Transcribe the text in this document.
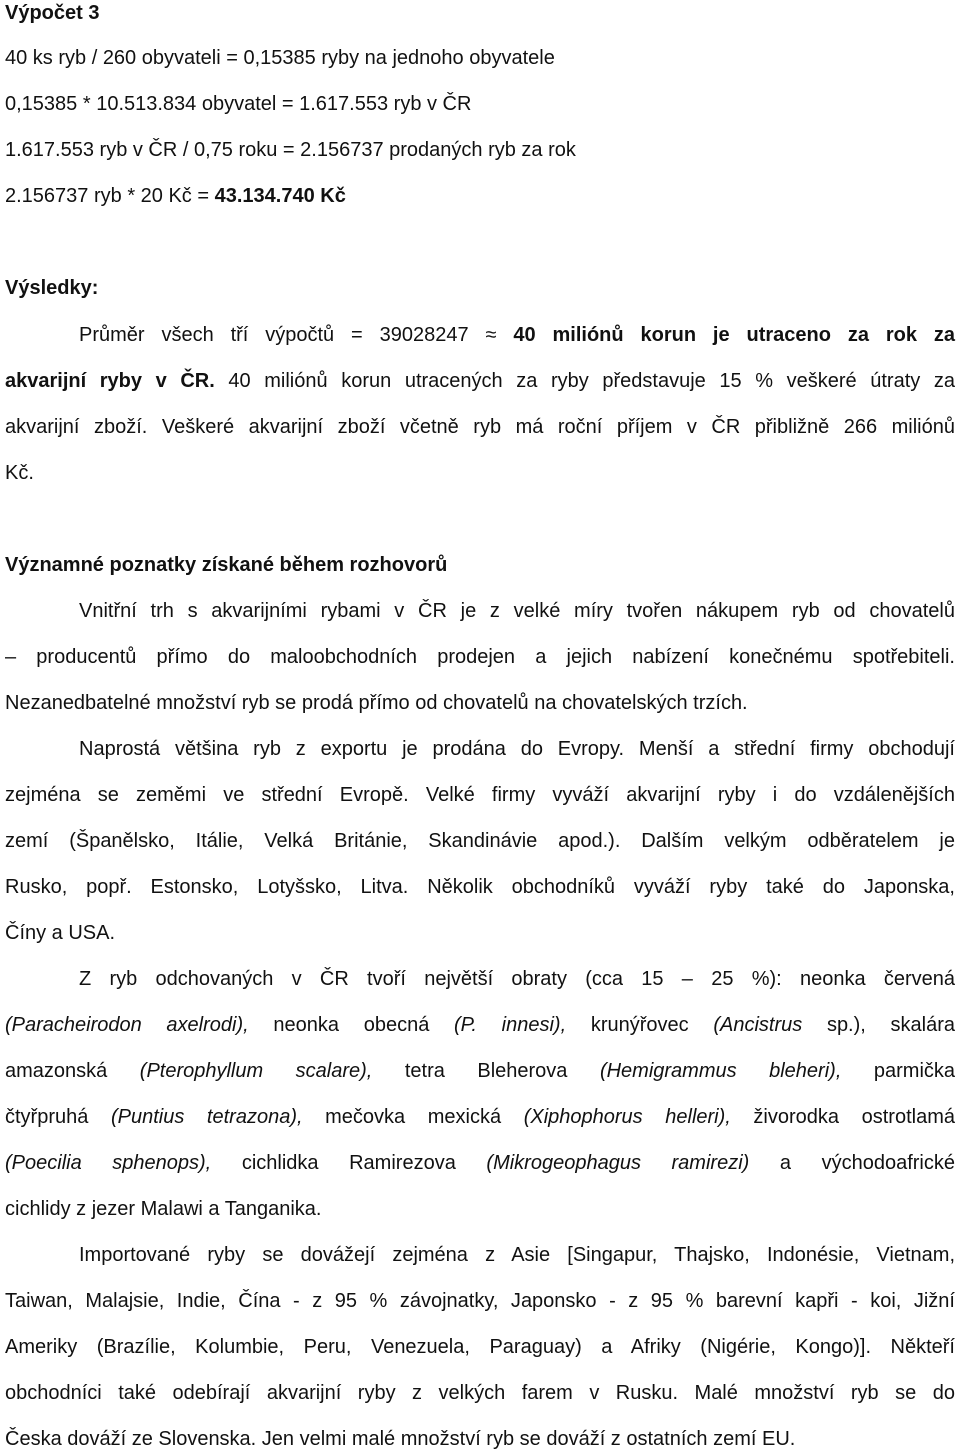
Výpočet 3
40 ks ryb / 260 obyvateli = 0,15385 ryby na jednoho obyvatele
0,15385 * 10.513.834 obyvatel = 1.617.553 ryb v ČR
1.617.553 ryb v ČR / 0,75 roku = 2.156737 prodaných ryb za rok
2.156737 ryb * 20 Kč = 43.134.740 Kč
Výsledky:
Průměr všech tří výpočtů = 39028247 ≈ 40 miliónů korun je utraceno za rok za
akvarijní ryby v ČR. 40 miliónů korun utracených za ryby představuje 15 % veškeré útraty za
akvarijní zboží. Veškeré akvarijní zboží včetně ryb má roční příjem v ČR přibližně 266 miliónů
Kč.
Významné poznatky získané během rozhovorů
Vnitřní trh s akvarijními rybami v ČR je z velké míry tvořen nákupem ryb od chovatelů
– producentů přímo do maloobchodních prodejen a jejich nabízení konečnému spotřebiteli.
Nezanedbatelné množství ryb se prodá přímo od chovatelů na chovatelských trzích.
Naprostá většina ryb z exportu je prodána do Evropy. Menší a střední firmy obchodují
zejména se zeměmi ve střední Evropě. Velké firmy vyváží akvarijní ryby i do vzdálenějších
zemí (Španělsko, Itálie, Velká Británie, Skandinávie apod.). Dalším velkým odběratelem je
Rusko, popř. Estonsko, Lotyšsko, Litva. Několik obchodníků vyváží ryby také do Japonska,
Číny a USA.
Z ryb odchovaných v ČR tvoří největší obraty (cca 15 – 25 %): neonka červená
(Paracheirodon axelrodi), neonka obecná (P. innesi), krunýřovec (Ancistrus sp.), skalára
amazonská (Pterophyllum scalare), tetra Bleherova (Hemigrammus bleheri), parmička
čtyřpruhá (Puntius tetrazona), mečovka mexická (Xiphophorus helleri), živorodka ostrotlamá
(Poecilia sphenops), cichlidka Ramirezova (Mikrogeophagus ramirezi) a východoafrické
cichlidy z jezer Malawi a Tanganika.
Importované ryby se dovážejí zejména z Asie [Singapur, Thajsko, Indonésie, Vietnam,
Taiwan, Malajsie, Indie, Čína - z 95 % závojnatky, Japonsko - z 95 % barevní kapři - koi, Jižní
Ameriky (Brazílie, Kolumbie, Peru, Venezuela, Paraguay) a Afriky (Nigérie, Kongo)]. Někteří
obchodníci také odebírají akvarijní ryby z velkých farem v Rusku. Malé množství ryb se do
Česka dováží ze Slovenska. Jen velmi malé množství ryb se dováží z ostatních zemí EU.
